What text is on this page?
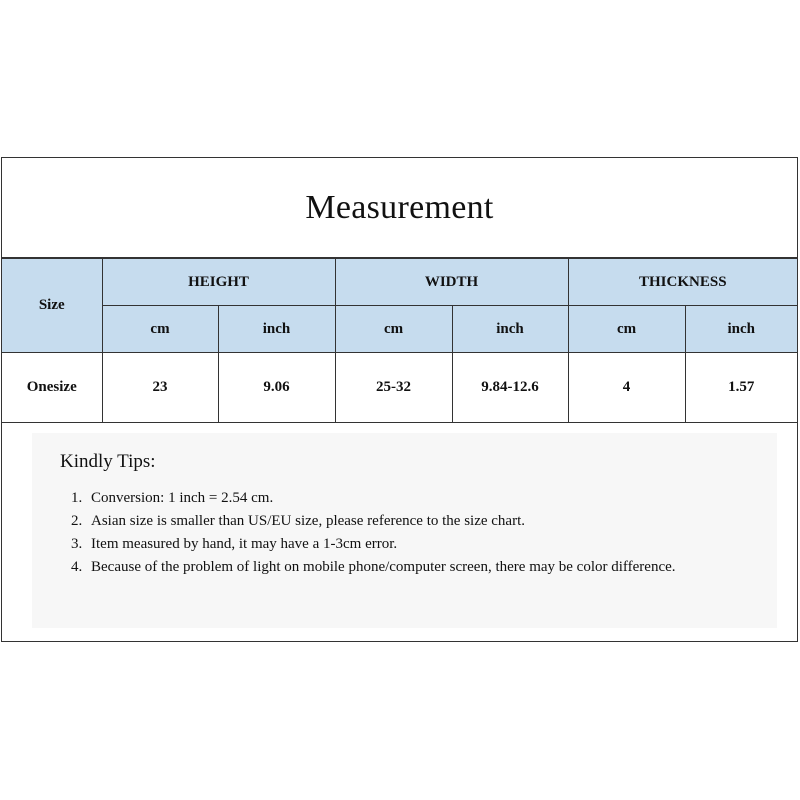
Measurement
Size	HEIGHT		WIDTH		THICKNESS	
	cm	inch	cm	inch	cm	inch
Onesize	23	9.06	25-32	9.84-12.6	4	1.57
Kindly Tips:
1. Conversion: 1 inch = 2.54 cm.
2. Asian size is smaller than US/EU size, please reference to the size chart.
3. Item measured by hand, it may have a 1-3cm error.
4. Because of the problem of light on mobile phone/computer screen, there may be color difference.
